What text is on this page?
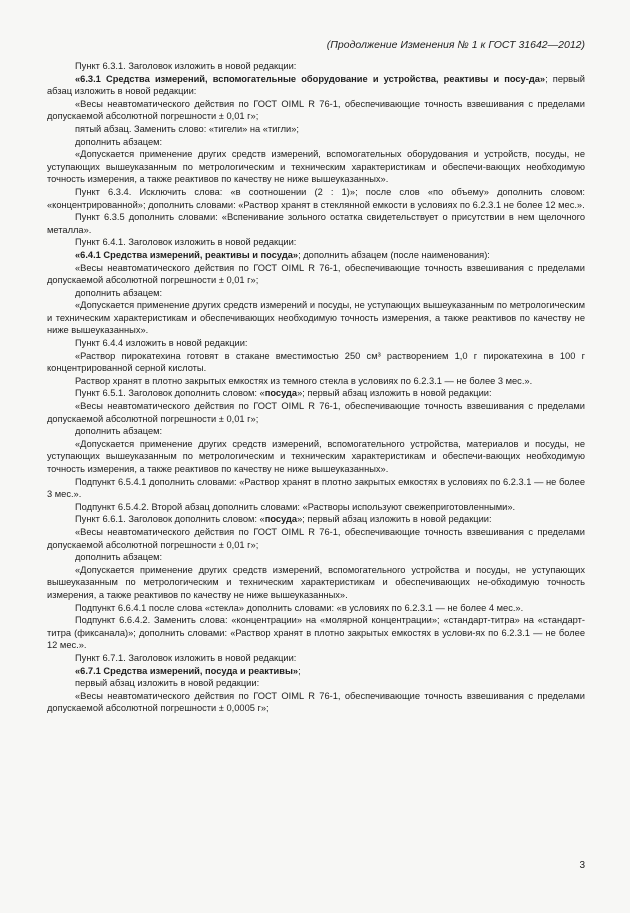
(Продолжение Изменения № 1 к ГОСТ 31642—2012)

Пункт 6.3.1. Заголовок изложить в новой редакции:

«6.3.1 Средства измерений, вспомогательные оборудование и устройства, реактивы и посу-да»; первый абзац изложить в новой редакции:

«Весы неавтоматического действия по ГОСТ OIML R 76-1, обеспечивающие точность взвешивания с пределами допускаемой абсолютной погрешности ± 0,01 г»;

пятый абзац. Заменить слово: «тигели» на «тигли»;

дополнить абзацем:

«Допускается применение других средств измерений, вспомогательных оборудования и устройств, посуды, не уступающих вышеуказанным по метрологическим и техническим характеристикам и обеспечи-вающих необходимую точность измерения, а также реактивов по качеству не ниже вышеуказанных».

Пункт 6.3.4. Исключить слова: «в соотношении (2 : 1)»; после слов «по объему» дополнить словом: «концентрированной»; дополнить словами: «Раствор хранят в стеклянной емкости в условиях по 6.2.3.1 не более 12 мес.».

Пункт 6.3.5 дополнить словами: «Вспенивание зольного остатка свидетельствует о присутствии в нем щелочного металла».

Пункт 6.4.1. Заголовок изложить в новой редакции:

«6.4.1 Средства измерений, реактивы и посуда»; дополнить абзацем (после наименования):

«Весы неавтоматического действия по ГОСТ OIML R 76-1, обеспечивающие точность взвешивания с пределами допускаемой абсолютной погрешности ± 0,01 г»;

дополнить абзацем:

«Допускается применение других средств измерений и посуды, не уступающих вышеуказанным по метрологическим и техническим характеристикам и обеспечивающих необходимую точность измерения, а также реактивов по качеству не ниже вышеуказанных».

Пункт 6.4.4 изложить в новой редакции:

«Раствор пирокатехина готовят в стакане вместимостью 250 см³ растворением 1,0 г пирокатехина в 100 г концентрированной серной кислоты.

Раствор хранят в плотно закрытых емкостях из темного стекла в условиях по 6.2.3.1 — не более 3 мес.».

Пункт 6.5.1. Заголовок дополнить словом: «посуда»; первый абзац изложить в новой редакции:

«Весы неавтоматического действия по ГОСТ OIML R 76-1, обеспечивающие точность взвешивания с пределами допускаемой абсолютной погрешности ± 0,01 г»;

дополнить абзацем:

«Допускается применение других средств измерений, вспомогательного устройства, материалов и посуды, не уступающих вышеуказанным по метрологическим и техническим характеристикам и обеспечи-вающих необходимую точность измерения, а также реактивов по качеству не ниже вышеуказанных».

Подпункт 6.5.4.1 дополнить словами: «Раствор хранят в плотно закрытых емкостях в условиях по 6.2.3.1 — не более 3 мес.».

Подпункт 6.5.4.2. Второй абзац дополнить словами: «Растворы используют свежеприготовленными».

Пункт 6.6.1. Заголовок дополнить словом: «посуда»; первый абзац изложить в новой редакции:

«Весы неавтоматического действия по ГОСТ OIML R 76-1, обеспечивающие точность взвешивания с пределами допускаемой абсолютной погрешности ± 0,01 г»;

дополнить абзацем:

«Допускается применение других средств измерений, вспомогательного устройства и посуды, не уступающих вышеуказанным по метрологическим и техническим характеристикам и обеспечивающих не-обходимую точность измерения, а также реактивов по качеству не ниже вышеуказанных».

Подпункт 6.6.4.1 после слова «стекла» дополнить словами: «в условиях по 6.2.3.1 — не более 4 мес.».

Подпункт 6.6.4.2. Заменить слова: «концентрации» на «молярной концентрации»; «стандарт-титра» на «стандарт-титра (фиксанала)»; дополнить словами: «Раствор хранят в плотно закрытых емкостях в услови-ях по 6.2.3.1 — не более 12 мес.».

Пункт 6.7.1. Заголовок изложить в новой редакции:

«6.7.1 Средства измерений, посуда и реактивы»;

первый абзац изложить в новой редакции:

«Весы неавтоматического действия по ГОСТ OIML R 76-1, обеспечивающие точность взвешивания с пределами допускаемой абсолютной погрешности ± 0,0005 г»;

3
